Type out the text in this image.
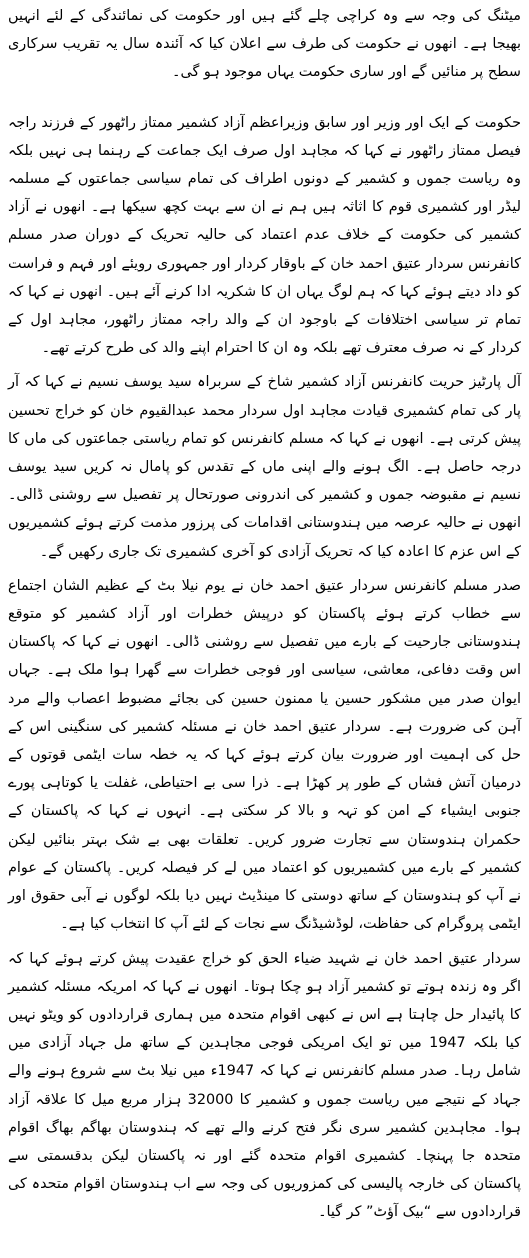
میٹنگ کی وجہ سے وہ کراچی چلے گئے ہیں اور حکومت کی نمائندگی کے لئے انہیں بھیجا ہے۔ انھوں نے حکومت کی طرف سے اعلان کیا کہ آئندہ سال یہ تقریب سرکاری سطح پر منائیں گے اور ساری حکومت یہاں موجود ہو گی۔

حکومت کے ایک اور وزیر اور سابق وزیراعظم آزاد کشمیر ممتاز راٹھور کے فرزند راجہ فیصل ممتاز راٹھور نے کہا کہ مجاہد اول صرف ایک جماعت کے رہنما ہی نہیں بلکہ وہ ریاست جموں و کشمیر کے دونوں اطراف کی تمام سیاسی جماعتوں کے مسلمہ لیڈر اور کشمیری قوم کا اثاثہ ہیں ہم نے ان سے بہت کچھ سیکھا ہے۔ انھوں نے آزاد کشمیر کی حکومت کے خلاف عدم اعتماد کی حالیہ تحریک کے دوران صدر مسلم کانفرنس سردار عتیق احمد خان کے باوقار کردار اور جمہوری رویئے اور فہم و فراست کو داد دیتے ہوئے کہا کہ ہم لوگ یہاں ان کا شکریہ ادا کرنے آئے ہیں۔ انھوں نے کہا کہ تمام تر سیاسی اختلافات کے باوجود ان کے والد راجہ ممتاز راٹھور، مجاہد اول کے کردار کے نہ صرف معترف تھے بلکہ وہ ان کا احترام اپنے والد کی طرح کرتے تھے۔

آل پارٹیز حریت کانفرنس آزاد کشمیر شاخ کے سربراہ سید یوسف نسیم نے کہا کہ آر پار کی تمام کشمیری قیادت مجاہد اول سردار محمد عبدالقیوم خان کو خراج تحسین پیش کرتی ہے۔ انھوں نے کہا کہ مسلم کانفرنس کو تمام ریاستی جماعتوں کی ماں کا درجہ حاصل ہے۔ الگ ہونے والے اپنی ماں کے تقدس کو پامال نہ کریں سید یوسف نسیم نے مقبوضہ جموں و کشمیر کی اندرونی صورتحال پر تفصیل سے روشنی ڈالی۔ انھوں نے حالیہ عرصہ میں ہندوستانی اقدامات کی پرزور مذمت کرتے ہوئے کشمیریوں کے اس عزم کا اعادہ کیا کہ تحریک آزادی کو آخری کشمیری تک جاری رکھیں گے۔

صدر مسلم کانفرنس سردار عتیق احمد خان نے یوم نیلا بٹ کے عظیم الشان اجتماع سے خطاب کرتے ہوئے پاکستان کو درپیش خطرات اور آزاد کشمیر کو متوقع ہندوستانی جارحیت کے بارے میں تفصیل سے روشنی ڈالی۔ انھوں نے کہا کہ پاکستان اس وقت دفاعی، معاشی، سیاسی اور فوجی خطرات سے گھرا ہوا ملک ہے۔ جہاں ایوان صدر میں مشکور حسین یا ممنون حسین کی بجائے مضبوط اعصاب والے مرد آہن کی ضرورت ہے۔ سردار عتیق احمد خان نے مسئلہ کشمیر کی سنگینی اس کے حل کی اہمیت اور ضرورت بیان کرتے ہوئے کہا کہ یہ خطہ سات ایٹمی قوتوں کے درمیان آتش فشاں کے طور پر کھڑا ہے۔ ذرا سی بے احتیاطی، غفلت یا کوتاہی پورے جنوبی ایشیاء کے امن کو تہہ و بالا کر سکتی ہے۔ انہوں نے کہا کہ پاکستان کے حکمران ہندوستان سے تجارت ضرور کریں۔ تعلقات بھی بے شک بہتر بنائیں لیکن کشمیر کے بارے میں کشمیریوں کو اعتماد میں لے کر فیصلہ کریں۔ پاکستان کے عوام نے آپ کو ہندوستان کے ساتھ دوستی کا مینڈیٹ نہیں دیا بلکہ لوگوں نے آبی حقوق اور ایٹمی پروگرام کی حفاظت، لوڈشیڈنگ سے نجات کے لئے آپ کا انتخاب کیا ہے۔

سردار عتیق احمد خان نے شہید ضیاء الحق کو خراج عقیدت پیش کرتے ہوئے کہا کہ اگر وہ زندہ ہوتے تو کشمیر آزاد ہو چکا ہوتا۔ انھوں نے کہا کہ امریکہ مسئلہ کشمیر کا پائیدار حل چاہتا ہے اس نے کبھی اقوام متحدہ میں ہماری قراردادوں کو ویٹو نہیں کیا بلکہ 1947 میں تو ایک امریکی فوجی مجاہدین کے ساتھ مل جہاد آزادی میں شامل رہا۔ صدر مسلم کانفرنس نے کہا کہ 1947ء میں نیلا بٹ سے شروع ہونے والے جہاد کے نتیجے میں ریاست جموں و کشمیر کا 32000 ہزار مربع میل کا علاقہ آزاد ہوا۔ مجاہدین کشمیر سری نگر فتح کرنے والے تھے کہ ہندوستان بھاگم بھاگ اقوام متحدہ جا پہنچا۔ کشمیری اقوام متحدہ گئے اور نہ پاکستان لیکن بدقسمتی سے پاکستان کی خارجہ پالیسی کی کمزوریوں کی وجہ سے اب ہندوستان اقوام متحدہ کی قراردادوں سے “بیک آؤٹ” کر گیا۔
